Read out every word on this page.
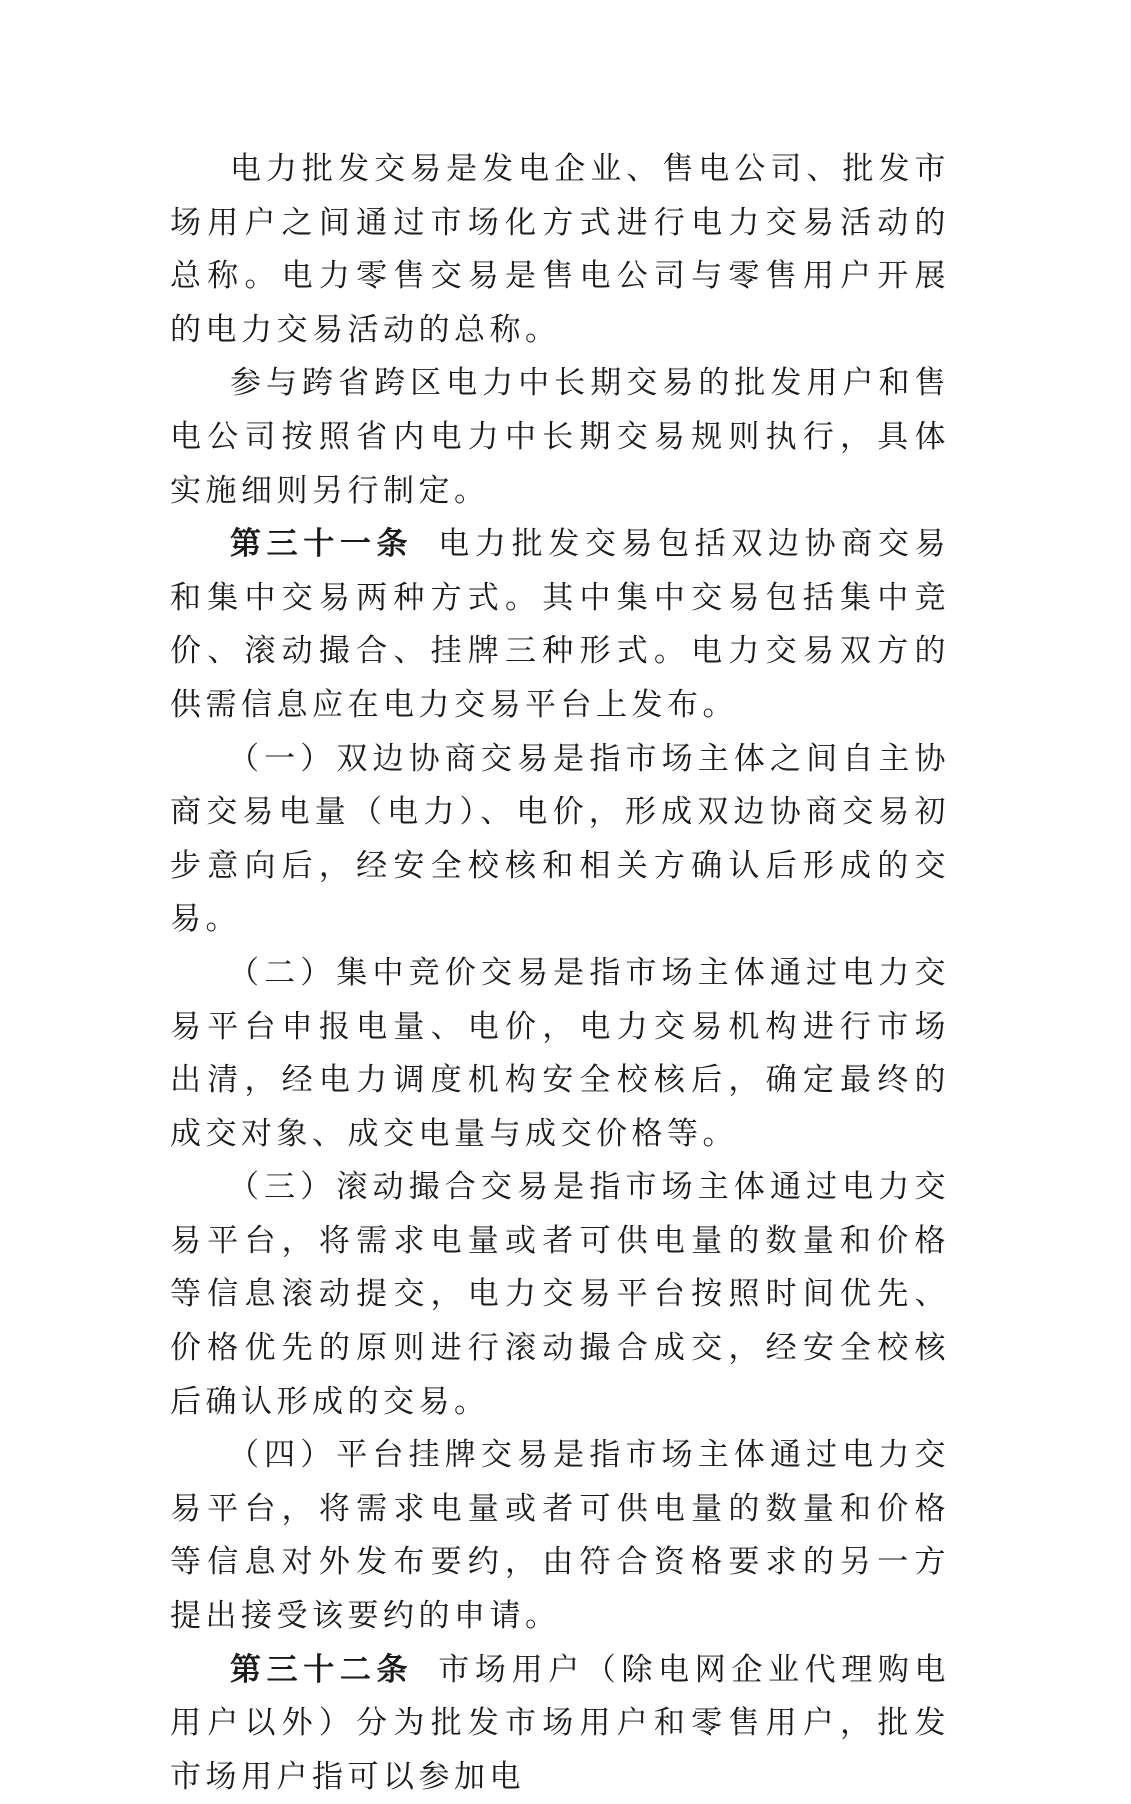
电力批发交易是发电企业、售电公司、批发市场用户之间通过市场化方式进行电力交易活动的总称。电力零售交易是售电公司与零售用户开展的电力交易活动的总称。

参与跨省跨区电力中长期交易的批发用户和售电公司按照省内电力中长期交易规则执行，具体实施细则另行制定。

第三十一条 电力批发交易包括双边协商交易和集中交易两种方式。其中集中交易包括集中竞价、滚动撮合、挂牌三种形式。电力交易双方的供需信息应在电力交易平台上发布。

（一）双边协商交易是指市场主体之间自主协商交易电量（电力）、电价，形成双边协商交易初步意向后，经安全校核和相关方确认后形成的交易。

（二）集中竞价交易是指市场主体通过电力交易平台申报电量、电价，电力交易机构进行市场出清，经电力调度机构安全校核后，确定最终的成交对象、成交电量与成交价格等。

（三）滚动撮合交易是指市场主体通过电力交易平台，将需求电量或者可供电量的数量和价格等信息滚动提交，电力交易平台按照时间优先、价格优先的原则进行滚动撮合成交，经安全校核后确认形成的交易。

（四）平台挂牌交易是指市场主体通过电力交易平台，将需求电量或者可供电量的数量和价格等信息对外发布要约，由符合资格要求的另一方提出接受该要约的申请。

第三十二条 市场用户（除电网企业代理购电用户以外）分为批发市场用户和零售用户，批发市场用户指可以参加电
